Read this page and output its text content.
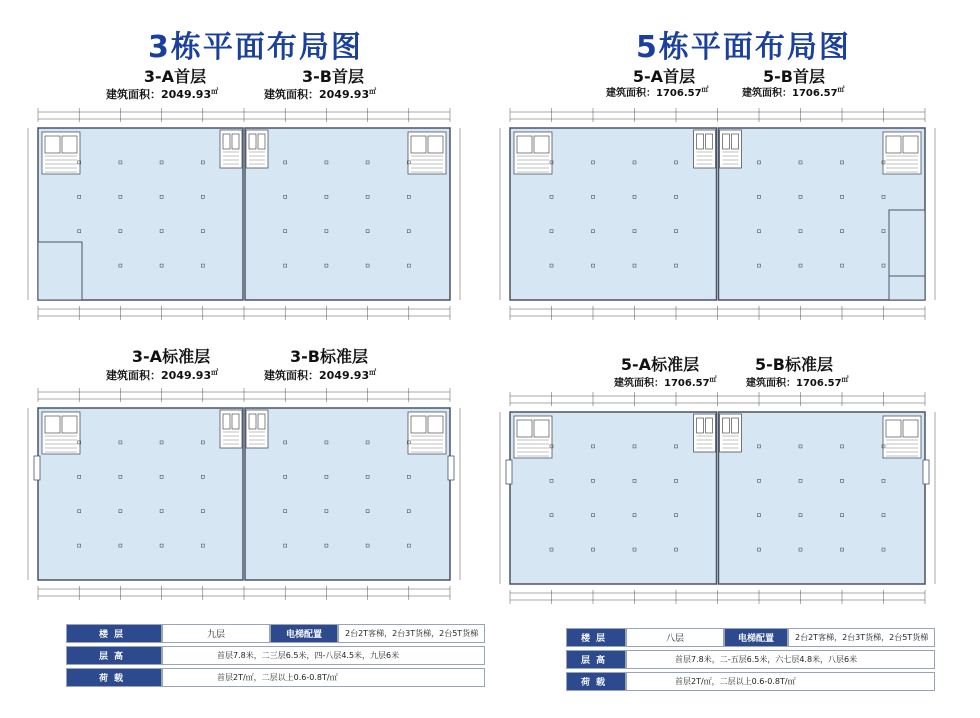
3栋平面布局图	5栋平面布局图
3-A首层
建筑面积：2049.93㎡
3-B首层
建筑面积：2049.93㎡
3-A标准层
建筑面积：2049.93㎡
3-B标准层
建筑面积：2049.93㎡
5-A首层
建筑面积：1706.57㎡
5-B首层
建筑面积：1706.57㎡
5-A标准层
建筑面积：1706.57㎡
5-B标准层
建筑面积：1706.57㎡
楼层	九层	电梯配置	2台2T客梯，2台3T货梯，2台5T货梯
层高	首层7.8米，二三层6.5米，四-八层4.5米，九层6米		
荷载	首层2T/㎡，二层以上0.6-0.8T/㎡		
楼层	八层	电梯配置	2台2T客梯，2台3T货梯，2台5T货梯
层高	首层7.8米，二-五层6.5米，六七层4.8米，八层6米		
荷载	首层2T/㎡，二层以上0.6-0.8T/㎡		
